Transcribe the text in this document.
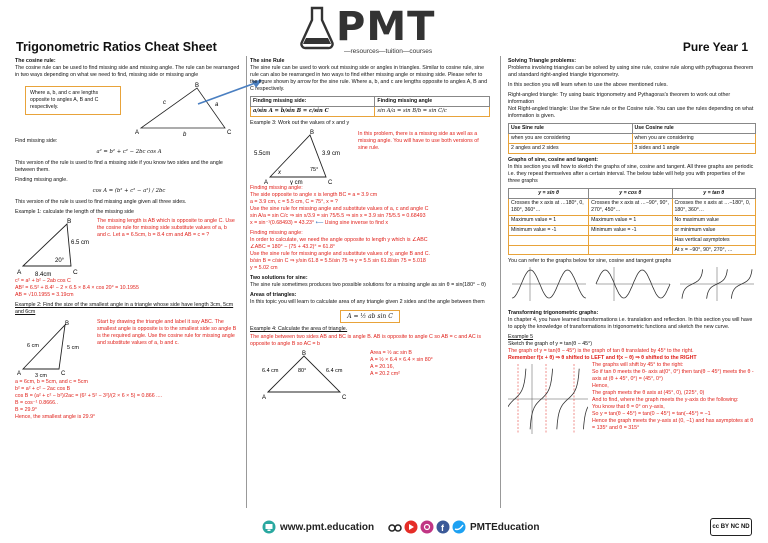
PMT
—resources—tuition—courses
Trigonometric Ratios Cheat Sheet	Pure Year 1
The cosine rule:
The cosine rule can be used to find missing side and missing angle. The rule can be rearranged in two ways depending on what we need to find, missing side or missing angle
Where a, b, and c are lengths opposite to angles A, B and C respectively.
A
B
C
a
b
c
Find missing side:
a² = b² + c² − 2bc cos A
This version of the rule is used to find a missing side if you know two sides and the angle between them.
Finding missing angle.
cos A = (b² + c² − a²) / 2bc
This version of the rule is used to find missing angle given all three sides.
Example 1: calculate the length of the missing side
A
B
C
6.5 cm
8.4cm
20°
The missing length is AB which is opposite to angle C. Use the cosine rule for missing side substitute values of a, b and c. Let a = 6.5cm, b = 8.4 cm and AB = c = ?
c² = a² + b² − 2ab cos C
AB² = 6.5² + 8.4² − 2 × 6.5 × 8.4 × cos 20° = 10.1955
AB = √10.1955 = 3.19cm
Example 2: Find the size of the smallest angle in a triangle whose side have length 3cm, 5cm and 6cm
A
B
C
6 cm	5 cm
3 cm
Start by drawing the triangle and label it say ABC. The smallest angle is opposite is to the smallest side so angle B is the required angle. Use the cosine rule for missing angle and substitute values of a, b and c.
a = 6cm, b = 5cm, and c = 5cm
b² = a² + c² − 2ac cos B
cos B = (a² + c² − b²)/2ac = (6² + 5² − 3²)/(2 × 6 × 5) = 0.866 ....
B = cos⁻¹ 0.8666..
B = 29.9°
Hence, the smallest angle is 29.9°
The sine Rule
The sine rule can be used to work out missing side or angles in triangles. Similar to cosine rule, sine rule can also be rearranged in two ways to find either missing angle or missing side. Please refer to the figure shown by arrow for the sine rule. Where a, b, and c are lengths opposite to angles A, B and C respectively.
Finding missing side:	Finding missing angle
a/sin A = b/sin B = c/sin C	sin A/a = sin B/b = sin C/c
Example 3: Work out the values of x and y
A
B
C
5.5cm	3.9 cm
75°
x
y cm
In this problem, there is a missing side as well as a missing angle. You will have to use both versions of sine rule.
Finding missing angle:
The side opposite to angle x is length BC = a = 3.9 cm
a = 3.9 cm, c = 5.5 cm, C = 75°, x = ?
Use the sine rule for missing angle and substitute values of a, c and angle C
sin A/a = sin C/c ⇒ sin x/3.9 = sin 75/5.5 ⇒ sin x = 3.9 sin 75/5.5 = 0.68493
x = sin⁻¹(0.68493) = 43.23° ⟵ Using sine inverse to find x
Finding missing angle:
In order to calculate, we need the angle opposite to length y which is ∠ABC
∠ABC = 180° − (75 + 43.2)° = 61.8°
Use the sine rule for missing angle and substitute values of y, angle B and C.
b/sin B = c/sin C ⇒ y/sin 61.8 = 5.5/sin 75 ⇒ y = 5.5 sin 61.8/sin 75 = 5.018
y = 5.02 cm
Two solutions for sine:
The sine rule sometimes produces two possible solutions for a missing angle as sin θ = sin(180° − θ)
Areas of triangles:
In this topic you will learn to calculate area of any triangle given 2 sides and the angle between them
A = ½ ab sin C
Example 4: Calculate the area of triangle.
The angle between two sides AB and BC is angle B. AB is opposite to angle C so AB = c and AC is opposite to angle B so AC = b
A
B
C
6.4 cm	6.4 cm
80°
Area = ½ ac sin B
A = ½ × 6.4 × 6.4 × sin 80°
A = 20.16,
A = 20.2 cm²
Solving Triangle problems:
Problems involving triangles can be solved by using sine rule, cosine rule along with pythagoras theorem and standard right-angled triangle trigonometry.
In this section you will learn when to use the above mentioned rules.
Right-angled triangle: Try using basic trigonometry and Pythagoras's theorem to work out other information
Not Right-angled triangle: Use the Sine rule or the Cosine rule. You can use the rules depending on what information is given.
Use Sine rule	Use Cosine rule
when you are considering	when you are considering
2 angles and 2 sides	3 sides and 1 angle
Graphs of sine, cosine and tangent:
In this section you will how to sketch the graphs of sine, cosine and tangent. All three graphs are periodic i.e. they repeat themselves after a certain interval. The below table will help you with properties of the three graphs
y = sin θ	y = cos θ	y = tan θ
Crosses the x axis at …180°, 0, 180°, 360°…	Crosses the x axis at …−90°, 90°, 270°, 450°…	Crosses the x axis at …−180°, 0, 180°, 360°…
Maximum value = 1	Maximum value = 1	No maximum value
Minimum value = -1	Minimum value = -1	or minimum value
		Has vertical asymptotes
		At x = −90°, 90°, 270°, …
You can refer to the graphs below for sine, cosine and tangent graphs
Transforming trigonometric graphs:
In chapter 4, you have learned transformations i.e. translation and reflection. In this section you will have to apply the knowledge of transformations in trigonometric functions and sketch the new curve.
Example 5
Sketch the graph of y = tan(θ − 45°)
The graph of y = tan(θ − 45°) is the graph of tan θ translated by 45° to the right.
Remember f(x + θ) ⇒ θ shifted to LEFT and f(x − θ) ⇒ θ shifted to the RIGHT
The graphs will shift by 45° to the right:
So if tan θ meets the θ- axis at(0°, 0°) then tan(θ − 45°) meets the θ - axis at (θ + 45°, 0°) = (45°, 0°)
Hence,
The graph meets the θ axis at (45°, 0), (225°, 0)
And to find, where the graph meets the y-axis do the following:
You know that θ = 0° on y-axis,
So y = tan(θ − 45°) = tan(0 − 45°) = tan(−45°) = −1
Hence the graph meets the y-axis at (0, −1) and has asymptotes at θ = 135° and θ = 315°
www.pmt.education	f	PMTEducation	cc BY NC ND
